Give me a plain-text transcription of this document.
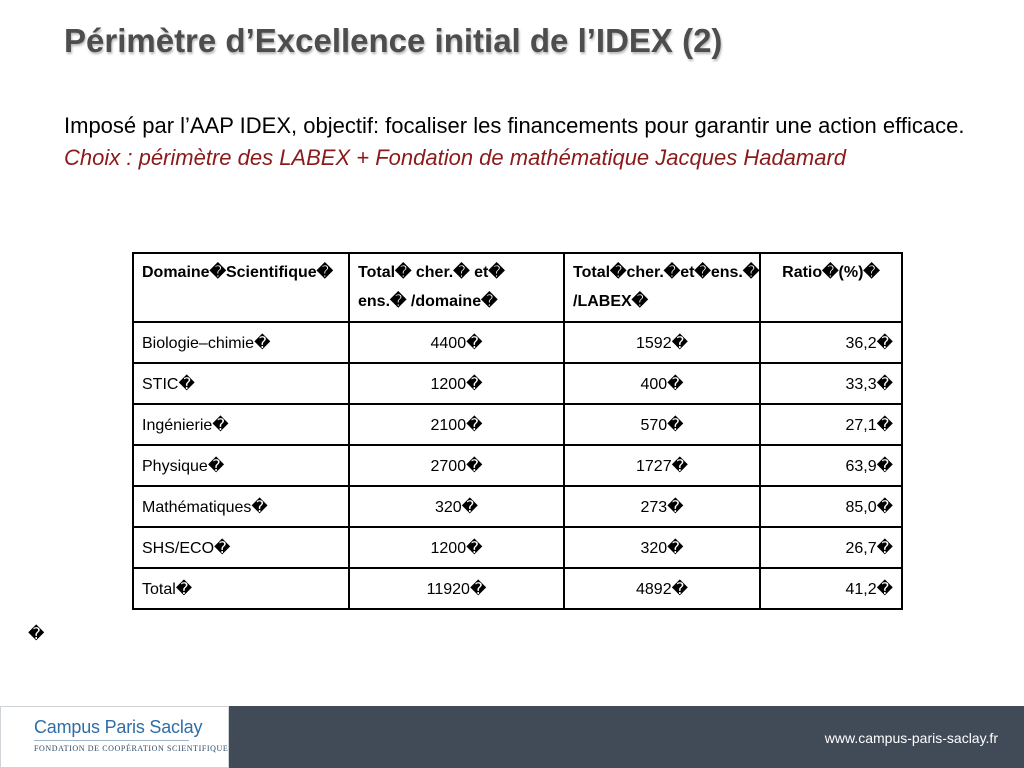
Périmètre d’Excellence initial de l’IDEX (2)

Imposé par l’AAP IDEX, objectif: focaliser les financements pour garantir une action efficace.
Choix : périmètre des LABEX + Fondation de mathématique Jacques Hadamard

Domaine�Scientifique�	Total� cher.� et� ens.� /domaine�	Total�cher.�et�ens.� /LABEX�	Ratio�(%)�
Biologie–chimie�	4400�	1592�	36,2�
STIC�	1200�	400�	33,3�
Ingénierie�	2100�	570�	27,1�
Physique�	2700�	1727�	63,9�
Mathématiques�	320�	273�	85,0�
SHS/ECO�	1200�	320�	26,7�
Total�	11920�	4892�	41,2�
�
Campus Paris Saclay
FONDATION DE COOPÉRATION SCIENTIFIQUE
www.campus-paris-saclay.fr
